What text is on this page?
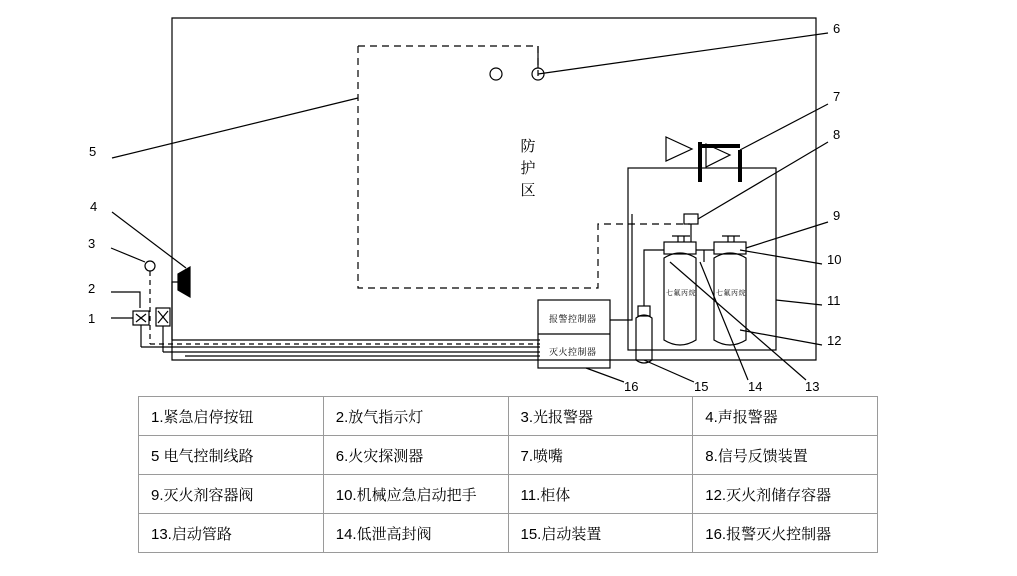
防护区
报警控制器
灭火控制器
七氟丙烷	七氟丙烷
1
2
3
4
5
6
7
8
9
10
11
12
13
14
15
16
1.紧急启停按钮	2.放气指示灯	3.光报警器	4.声报警器
5 电气控制线路	6.火灾探测器	7.喷嘴	8.信号反馈装置
9.灭火剂容器阀	10.机械应急启动把手	11.柜体	12.灭火剂储存容器
13.启动管路	14.低泄高封阀	15.启动装置	16.报警灭火控制器
